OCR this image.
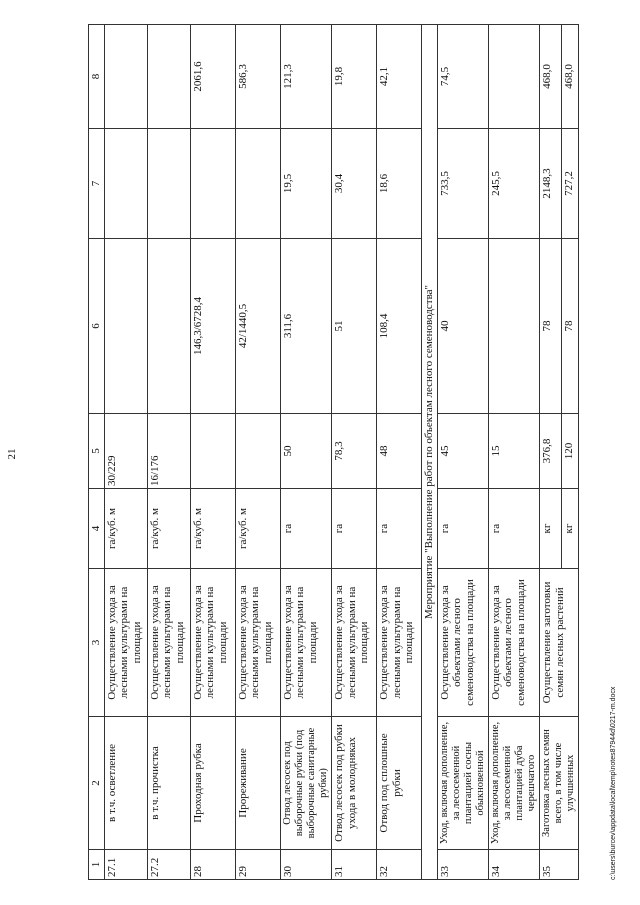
21
1	2	3	4	5	6	7	8
27.1	в т.ч. осветление	Осуществление ухода за лесными культурами на площади	га/куб. м	30/229			
27.2	в т.ч. прочистка	Осуществление ухода за лесными культурами на площади	га/куб. м	16/176			
28	Проходная рубка	Осуществление ухода за лесными культурами на площади	га/куб. м		146,3/6728,4		2061,6
29	Прореживание	Осуществление ухода за лесными культурами на площади	га/куб. м		42/1440,5		586,3
30	Отвод лесосек под выборочные рубки (под выборочные санитарные рубки)	Осуществление ухода за лесными культурами на площади	га	50	311,6	19,5	121,3
31	Отвод лесосек под рубки ухода в молодняках	Осуществление ухода за лесными культурами на площади	га	78,3	51	30,4	19,8
32	Отвод под сплошные рубки	Осуществление ухода за лесными культурами на площади	га	48	108,4	18,6	42,1
Мероприятие "Выполнение работ по объектам лесного семеноводства"							
33	Уход, включая дополнение, за лесосеменной плантацией сосны обыкновенной	Осуществление ухода за объектами лесного семеноводства на площади	га	45	40	733,5	74,5
34	Уход, включая дополнение, за лесосеменной плантацией дуба черешчатого	Осуществление ухода за объектами лесного семеноводства на площади	га	15		245,5	
35	Заготовка лесных семян всего, в том числе улучшенных	Осуществление заготовки семян лесных растений	кг	376,8	78	2148,3	468,0
			кг	120	78	727,2	468,0
c:\users\burcev\appdata\local\temp\notes87944d\0217-m.docx
